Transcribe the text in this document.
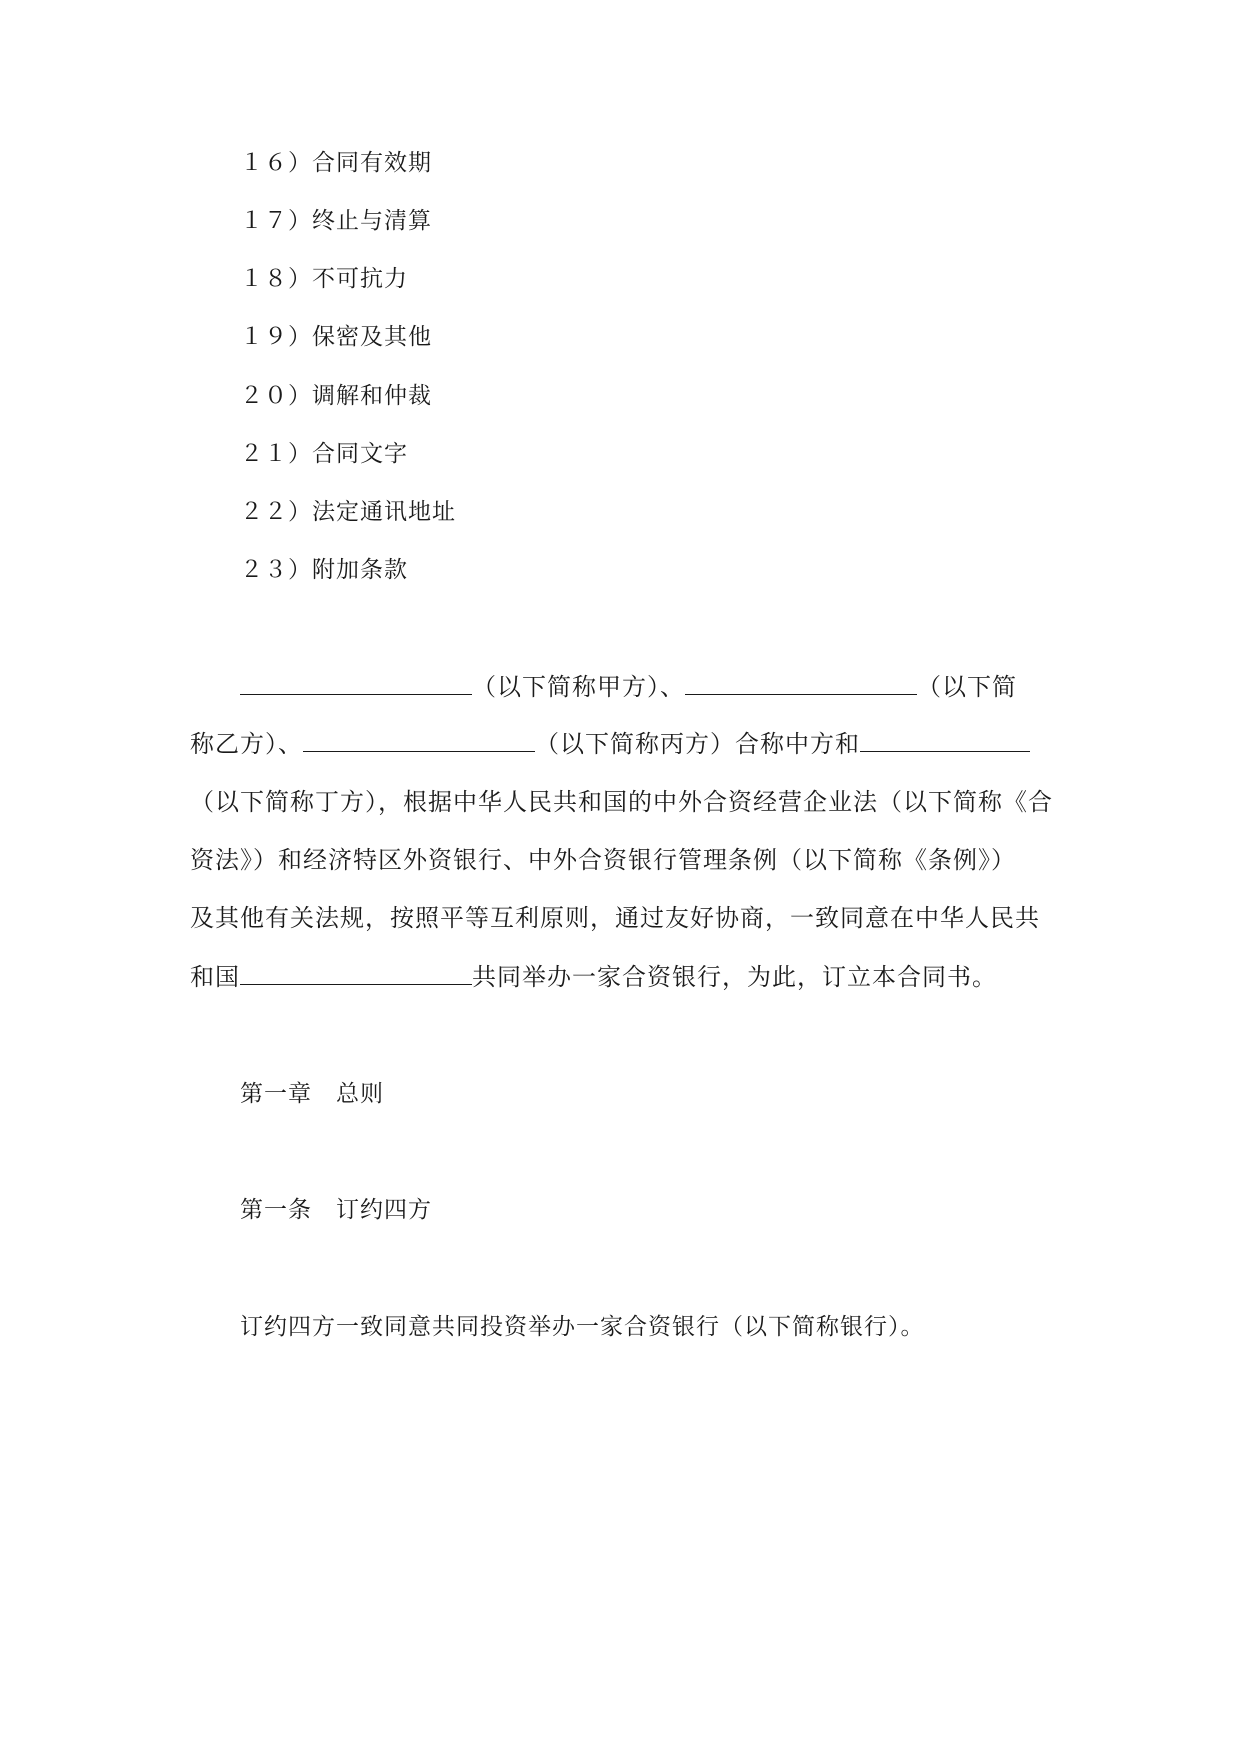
１６）合同有效期
１７）终止与清算
１８）不可抗力
１９）保密及其他
２０）调解和仲裁
２１）合同文字
２２）法定通讯地址
２３）附加条款
（以下简称甲方）、	（以下简
称乙方）、	（以下简称丙方）合称中方和
（以下简称丁方），根据中华人民共和国的中外合资经营企业法（以下简称《合
资法》）和经济特区外资银行、中外合资银行管理条例（以下简称《条例》）
及其他有关法规，按照平等互利原则，通过友好协商，一致同意在中华人民共
和国	共同举办一家合资银行，为此，订立本合同书。
第一章 总则
第一条 订约四方
订约四方一致同意共同投资举办一家合资银行（以下简称银行）。
